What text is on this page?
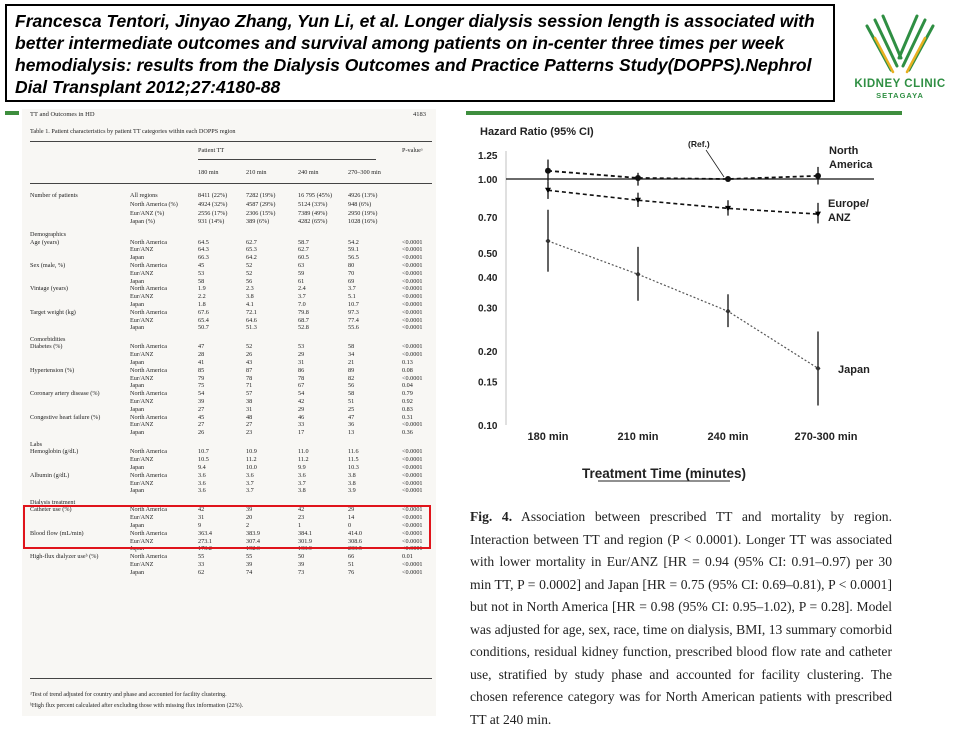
Francesca Tentori, Jinyao Zhang, Yun Li, et al. Longer dialysis session length is associated with better intermediate outcomes and survival among patients on in-center three times per week hemodialysis: results from the Dialysis Outcomes and Practice Patterns Study(DOPPS).Nephrol Dial Transplant 2012;27:4180-88	KIDNEY CLINIC
SETAGAYA
TT and Outcomes in HD	4183
Table 1. Patient characteristics by patient TT categories within each DOPPS region
Patient TT	P-valueᵃ
180 min	210 min	240 min	270–300 min
Number of patients	All regions	8411 (22%)	7282 (19%)	16 795 (45%)	4926 (13%)
North America (%)	4924 (32%)	4587 (29%)	5124 (33%)	948 (6%)
Eur/ANZ (%)	2556 (17%)	2306 (15%)	7389 (49%)	2950 (19%)
Japan (%)	931 (14%)	389 (6%)	4282 (65%)	1028 (16%)
Demographics
Age (years)	North America	64.5	62.7	58.7	54.2	<0.0001
Eur/ANZ	64.3	65.3	62.7	59.1	<0.0001
Japan	66.3	64.2	60.5	56.5	<0.0001
Sex (male, %)	North America	45	52	63	80	<0.0001
Eur/ANZ	53	52	59	70	<0.0001
Japan	58	56	61	69	<0.0001
Vintage (years)	North America	1.9	2.3	2.4	3.7	<0.0001
Eur/ANZ	2.2	3.8	3.7	5.1	<0.0001
Japan	1.8	4.1	7.0	10.7	<0.0001
Target weight (kg)	North America	67.6	72.1	79.8	97.3	<0.0001
Eur/ANZ	65.4	64.6	68.7	77.4	<0.0001
Japan	50.7	51.3	52.8	55.6	<0.0001
Comorbidities
Diabetes (%)	North America	47	52	53	58	<0.0001
Eur/ANZ	28	26	29	34	<0.0001
Japan	41	43	31	21	0.13
Hypertension (%)	North America	85	87	86	89	0.08
Eur/ANZ	79	78	78	82	<0.0001
Japan	75	71	67	56	0.04
Coronary artery disease (%)	North America	54	57	54	58	0.79
Eur/ANZ	39	38	42	51	0.92
Japan	27	31	29	25	0.83
Congestive heart failure (%)	North America	45	48	46	47	0.31
Eur/ANZ	27	27	33	36	<0.0001
Japan	26	23	17	13	0.36
Labs
Hemoglobin (g/dL)	North America	10.7	10.9	11.0	11.6	<0.0001
Eur/ANZ	10.5	11.2	11.2	11.5	<0.0001
Japan	9.4	10.0	9.9	10.3	<0.0001
Albumin (g/dL)	North America	3.6	3.6	3.6	3.8	<0.0001
Eur/ANZ	3.6	3.7	3.7	3.8	<0.0001
Japan	3.6	3.7	3.8	3.9	<0.0001
Dialysis treatment
Catheter use (%)	North America	42	39	42	29	<0.0001
Eur/ANZ	31	20	23	14	<0.0001
Japan	9	2	1	0	<0.0001
Blood flow (mL/min)	North America	363.4	383.9	384.1	414.0	<0.0001
Eur/ANZ	273.1	307.4	301.9	308.6	<0.0001
Japan	173.2	192.3	193.9	203.5	<0.0001
High-flux dialyzer useᵇ (%)	North America	55	55	50	66	0.01
Eur/ANZ	33	39	39	51	<0.0001
Japan	62	74	73	76	<0.0001
ᵃTest of trend adjusted for country and phase and accounted for facility clustering.
ᵇHigh flux percent calculated after excluding those with missing flux information (22%).
Hazard Ratio (95% CI)
1.25
1.00
0.70
0.50
0.40
0.30
0.20
0.15
0.10
(Ref.)
North America
Europe/ ANZ
Japan
180 min	210 min	240 min	270-300 min
Treatment Time (minutes)
Fig. 4. Association between prescribed TT and mortality by region. Interaction between TT and region (P < 0.0001). Longer TT was associated with lower mortality in Eur/ANZ [HR = 0.94 (95% CI: 0.91–0.97) per 30 min TT, P = 0.0002] and Japan [HR = 0.75 (95% CI: 0.69–0.81), P < 0.0001] but not in North America [HR = 0.98 (95% CI: 0.95–1.02), P = 0.28]. Model was adjusted for age, sex, race, time on dialysis, BMI, 13 summary comorbid conditions, residual kidney function, prescribed blood flow rate and catheter use, stratified by study phase and accounted for facility clustering. The chosen reference category was for North American patients with prescribed TT at 240 min.
